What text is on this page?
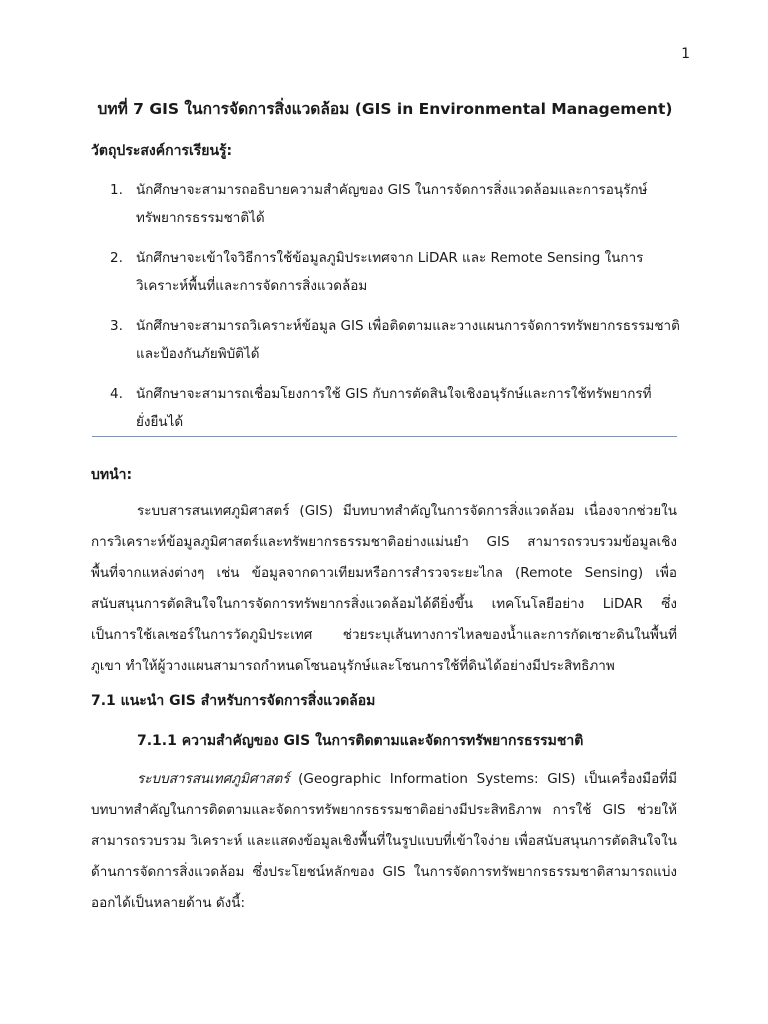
1
บทที่ 7 GIS ในการจัดการสิ่งแวดล้อม (GIS in Environmental Management)
วัตถุประสงค์การเรียนรู้:
1. นักศึกษาจะสามารถอธิบายความสำคัญของ GIS ในการจัดการสิ่งแวดล้อมและการอนุรักษ์ทรัพยากรธรรมชาติได้
2. นักศึกษาจะเข้าใจวิธีการใช้ข้อมูลภูมิประเทศจาก LiDAR และ Remote Sensing ในการวิเคราะห์พื้นที่และการจัดการสิ่งแวดล้อม
3. นักศึกษาจะสามารถวิเคราะห์ข้อมูล GIS เพื่อติดตามและวางแผนการจัดการทรัพยากรธรรมชาติและป้องกันภัยพิบัติได้
4. นักศึกษาจะสามารถเชื่อมโยงการใช้ GIS กับการตัดสินใจเชิงอนุรักษ์และการใช้ทรัพยากรที่ยั่งยืนได้
บทนำ:
ระบบสารสนเทศภูมิศาสตร์ (GIS) มีบทบาทสำคัญในการจัดการสิ่งแวดล้อม เนื่องจากช่วยในการวิเคราะห์ข้อมูลภูมิศาสตร์และทรัพยากรธรรมชาติอย่างแม่นยำ GIS สามารถรวบรวมข้อมูลเชิงพื้นที่จากแหล่งต่างๆ เช่น ข้อมูลจากดาวเทียมหรือการสำรวจระยะไกล (Remote Sensing) เพื่อสนับสนุนการตัดสินใจในการจัดการทรัพยากรสิ่งแวดล้อมได้ดียิ่งขึ้น เทคโนโลยีอย่าง LiDAR ซึ่งเป็นการใช้เลเซอร์ในการวัดภูมิประเทศ ช่วยระบุเส้นทางการไหลของน้ำและการกัดเซาะดินในพื้นที่ภูเขา ทำให้ผู้วางแผนสามารถกำหนดโซนอนุรักษ์และโซนการใช้ที่ดินได้อย่างมีประสิทธิภาพ
7.1 แนะนำ GIS สำหรับการจัดการสิ่งแวดล้อม
7.1.1 ความสำคัญของ GIS ในการติดตามและจัดการทรัพยากรธรรมชาติ
ระบบสารสนเทศภูมิศาสตร์ (Geographic Information Systems: GIS) เป็นเครื่องมือที่มีบทบาทสำคัญในการติดตามและจัดการทรัพยากรธรรมชาติอย่างมีประสิทธิภาพ การใช้ GIS ช่วยให้สามารถรวบรวม วิเคราะห์ และแสดงข้อมูลเชิงพื้นที่ในรูปแบบที่เข้าใจง่าย เพื่อสนับสนุนการตัดสินใจในด้านการจัดการสิ่งแวดล้อม ซึ่งประโยชน์หลักของ GIS ในการจัดการทรัพยากรธรรมชาติสามารถแบ่งออกได้เป็นหลายด้าน ดังนี้:
